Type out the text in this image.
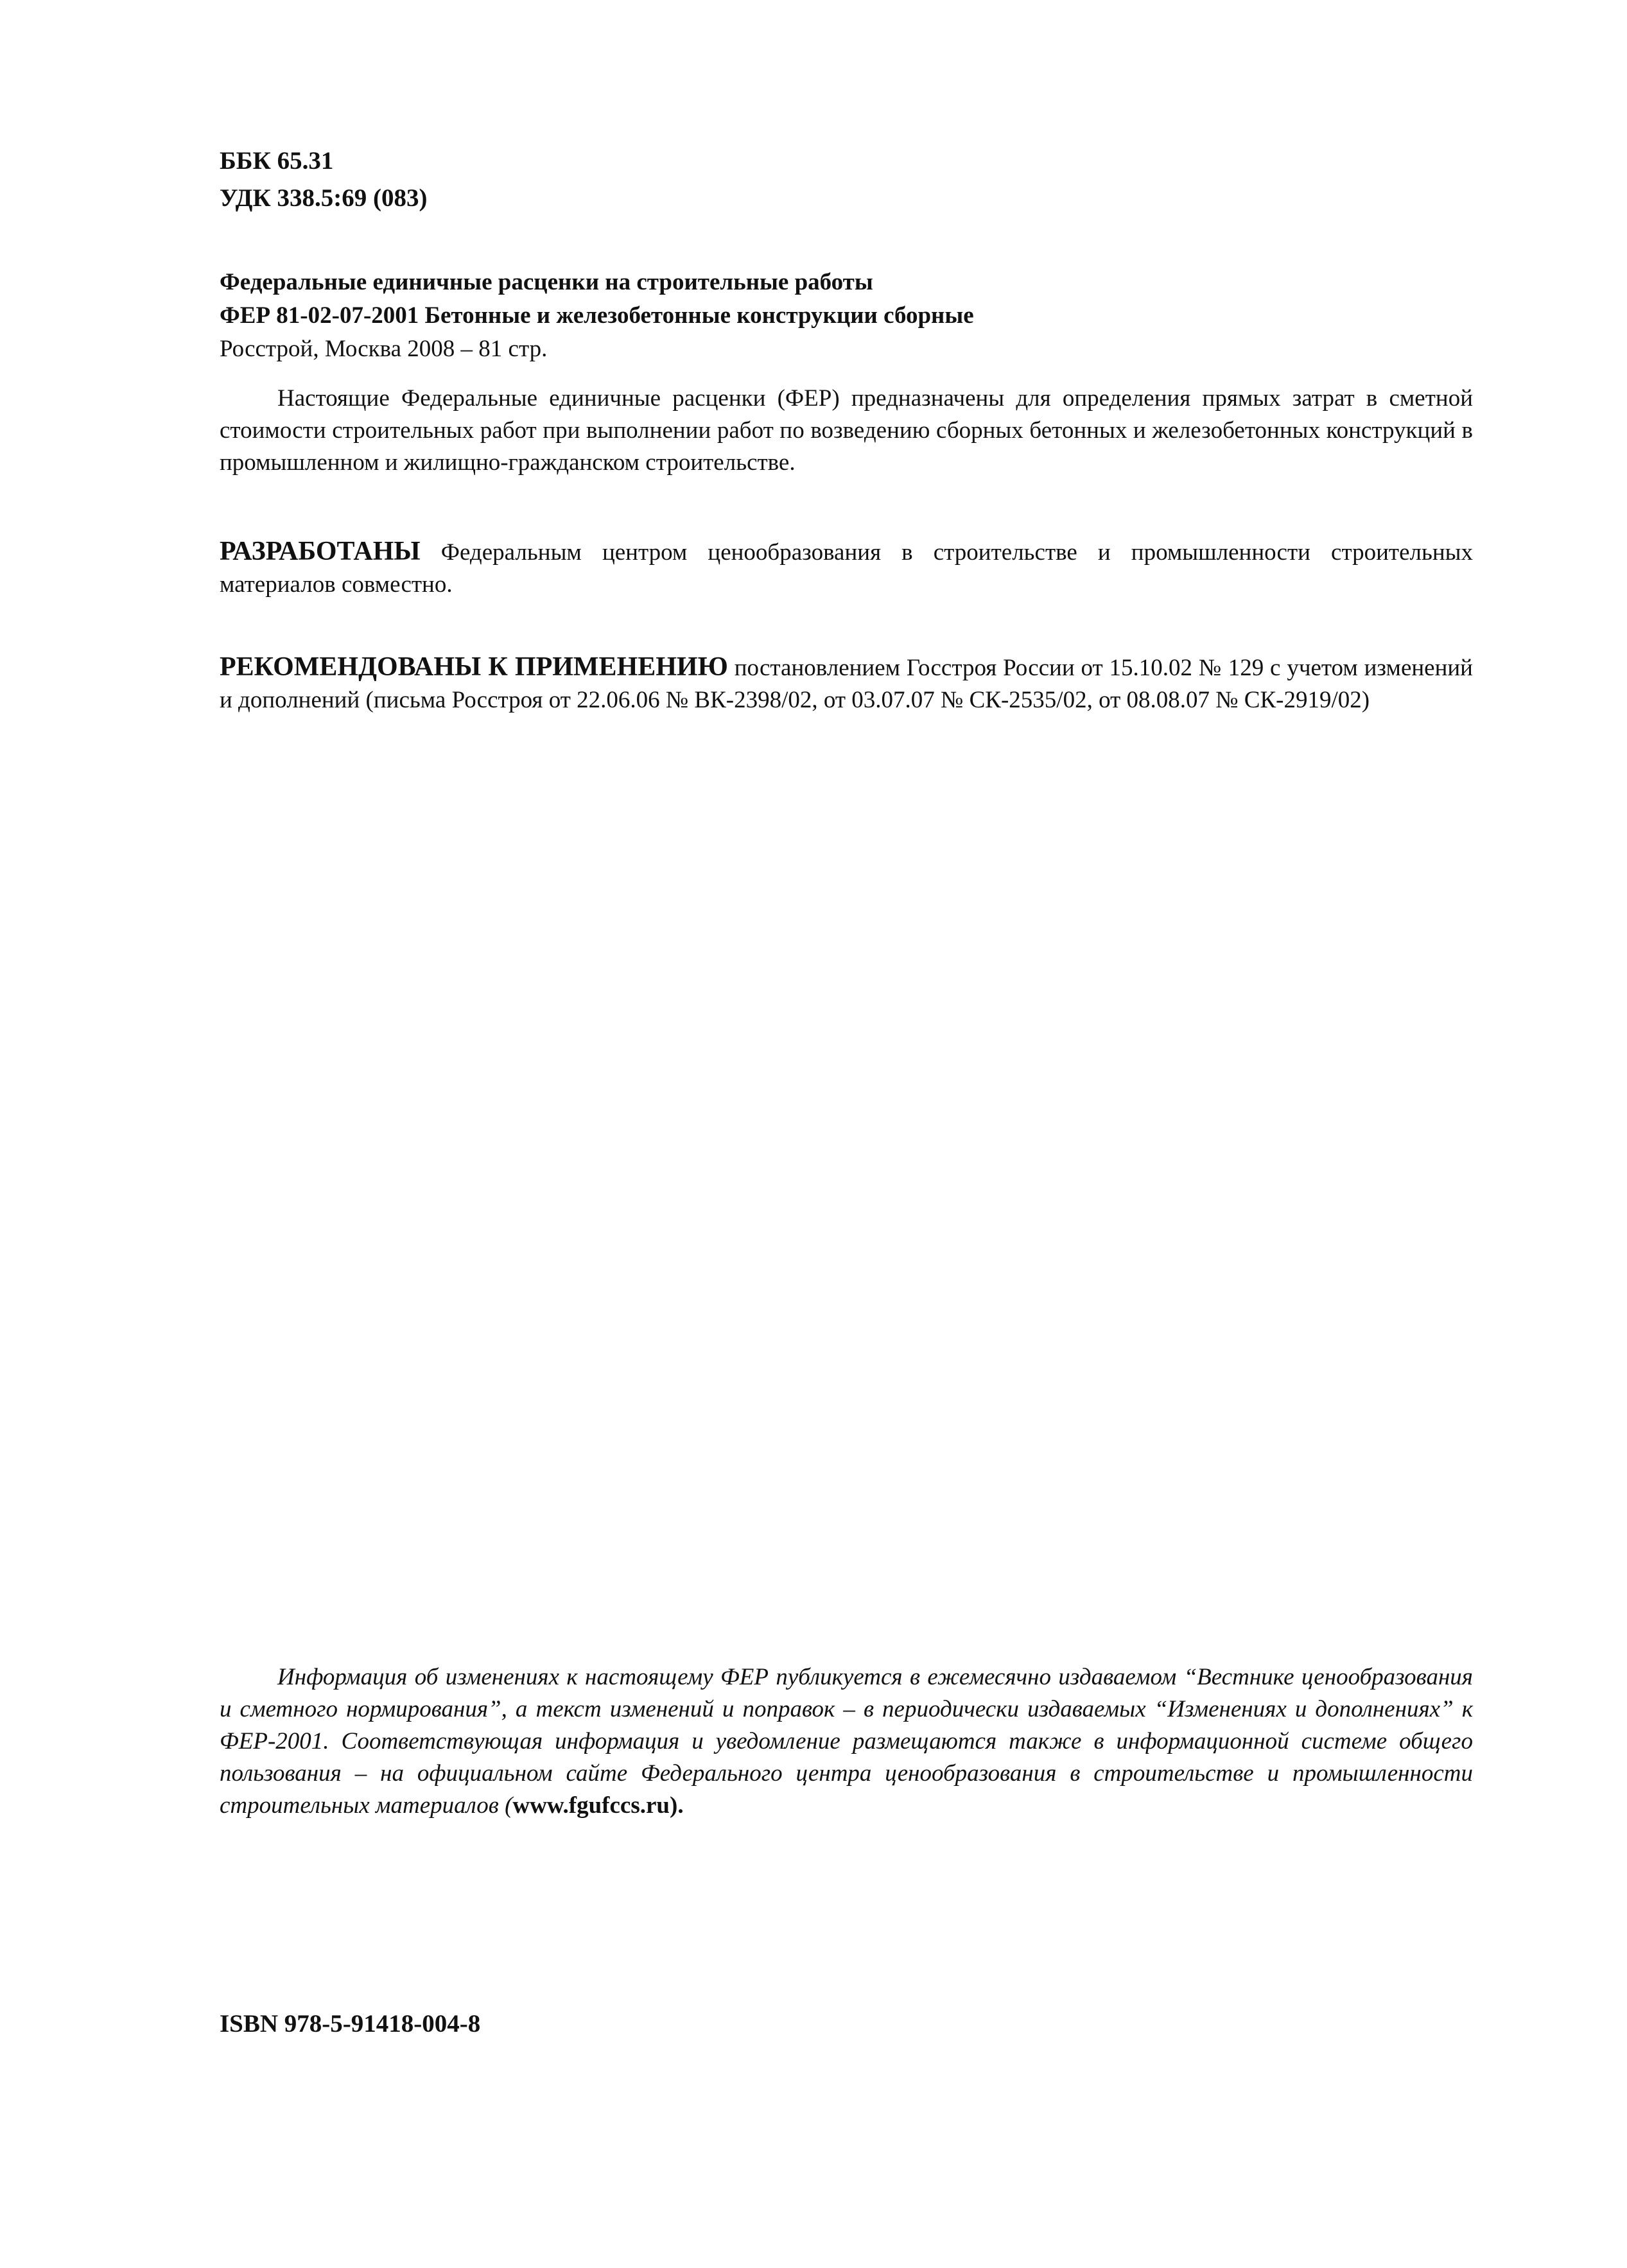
ББК 65.31
УДК 338.5:69 (083)
Федеральные единичные расценки на строительные работы
ФЕР 81-02-07-2001 Бетонные и железобетонные конструкции сборные
Росстрой, Москва 2008 – 81 стр.
Настоящие Федеральные единичные расценки (ФЕР) предназначены для определения прямых затрат в сметной стоимости строительных работ при выполнении работ по возведению сборных бетонных и железобетонных конструкций в промышленном и жилищно-гражданском строительстве.
РАЗРАБОТАНЫ Федеральным центром ценообразования в строительстве и промышленности строительных материалов совместно.
РЕКОМЕНДОВАНЫ К ПРИМЕНЕНИЮ постановлением Госстроя России от 15.10.02 № 129 с учетом изменений и дополнений (письма Росстроя от 22.06.06 № ВК-2398/02, от 03.07.07 № СК-2535/02, от 08.08.07 № СК-2919/02)
Информация об изменениях к настоящему ФЕР публикуется в ежемесячно издаваемом “Вестнике ценообразования и сметного нормирования”, а текст изменений и поправок – в периодически издаваемых “Изменениях и дополнениях” к ФЕР-2001. Соответствующая информация и уведомление размещаются также в информационной системе общего пользования – на официальном сайте Федерального центра ценообразования в строительстве и промышленности строительных материалов (www.fgufccs.ru).
ISBN 978-5-91418-004-8
